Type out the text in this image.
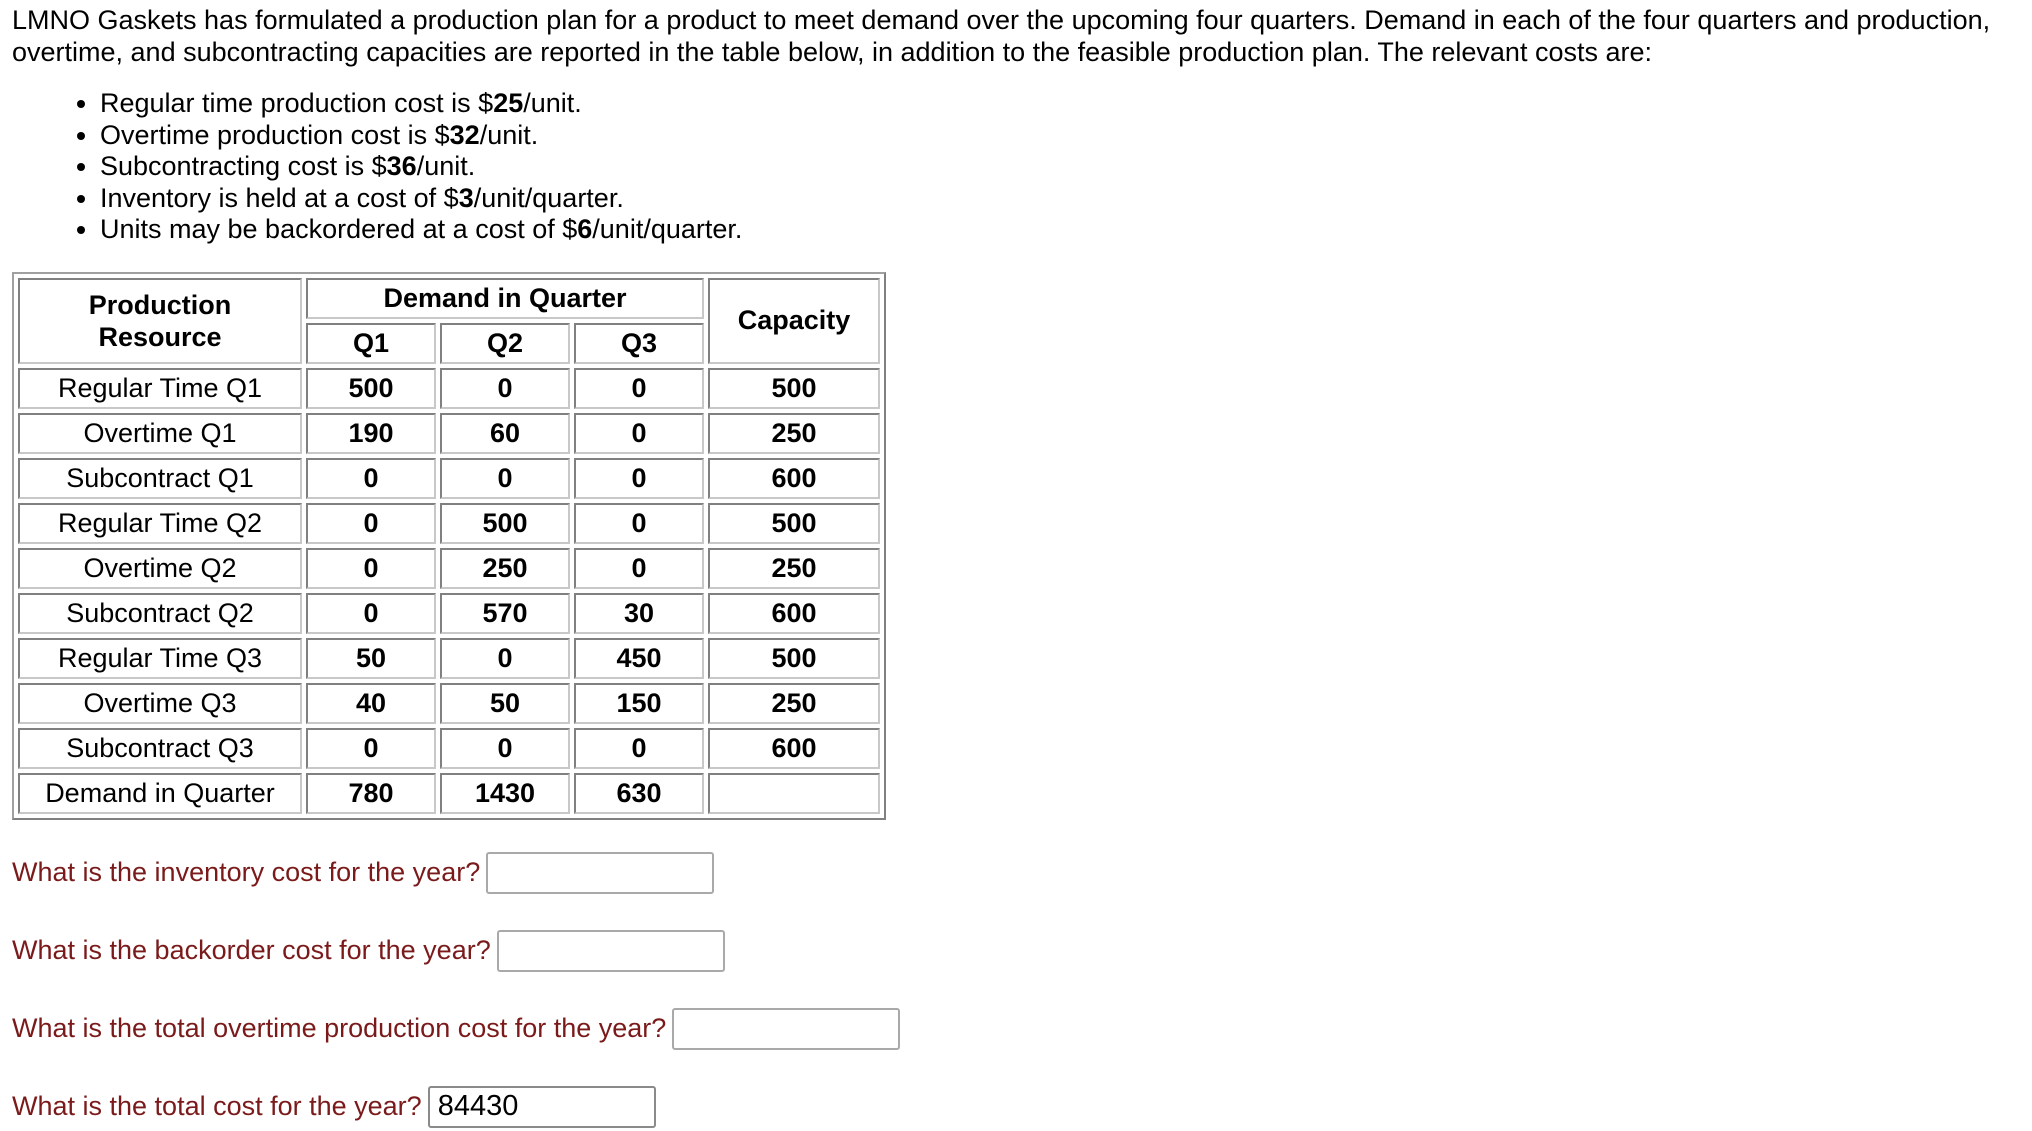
LMNO Gaskets has formulated a production plan for a product to meet demand over the upcoming four quarters. Demand in each of the four quarters and production, overtime, and subcontracting capacities are reported in the table below, in addition to the feasible production plan. The relevant costs are:

• Regular time production cost is $25/unit.
• Overtime production cost is $32/unit.
• Subcontracting cost is $36/unit.
• Inventory is held at a cost of $3/unit/quarter.
• Units may be backordered at a cost of $6/unit/quarter.
Production
Resource	Demand in Quarter			Capacity
	Q1	Q2	Q3	
Regular Time Q1	500	0	0	500
Overtime Q1	190	60	0	250
Subcontract Q1	0	0	0	600
Regular Time Q2	0	500	0	500
Overtime Q2	0	250	0	250
Subcontract Q2	0	570	30	600
Regular Time Q3	50	0	450	500
Overtime Q3	40	50	150	250
Subcontract Q3	0	0	0	600
Demand in Quarter	780	1430	630	
What is the inventory cost for the year?
What is the backorder cost for the year?
What is the total overtime production cost for the year?
What is the total cost for the year?
84430
